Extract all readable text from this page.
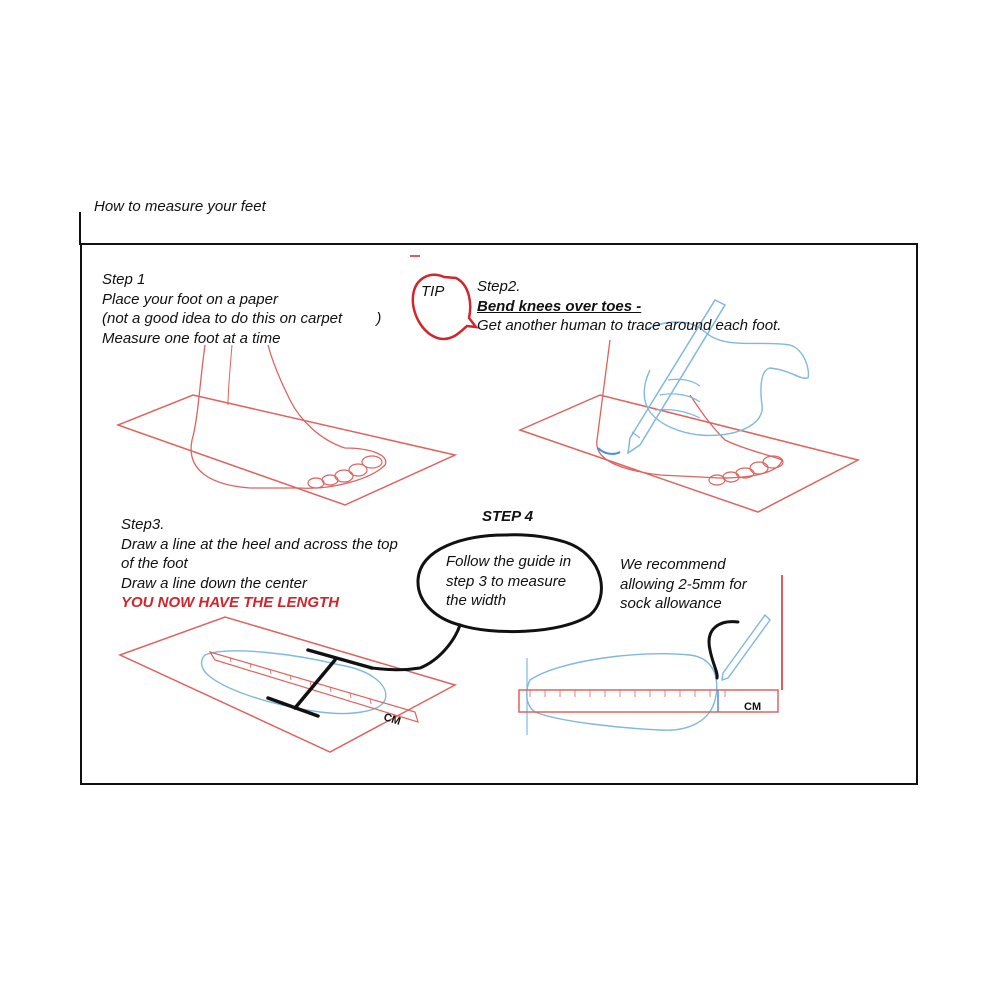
How to measure your feet
CM
CM
TIP
Step 1
Place your foot on a paper
(not a good idea to do this on carpet )
Measure one foot at a time
Step2.
Bend knees over toes -
Get another human to trace around each foot.
Step3.
Draw a line at the heel and across the top
of the foot
Draw a line down the center
YOU NOW HAVE THE LENGTH
STEP 4
Follow the guide in
step 3 to measure
the width
We recommend
allowing 2-5mm for
sock allowance
